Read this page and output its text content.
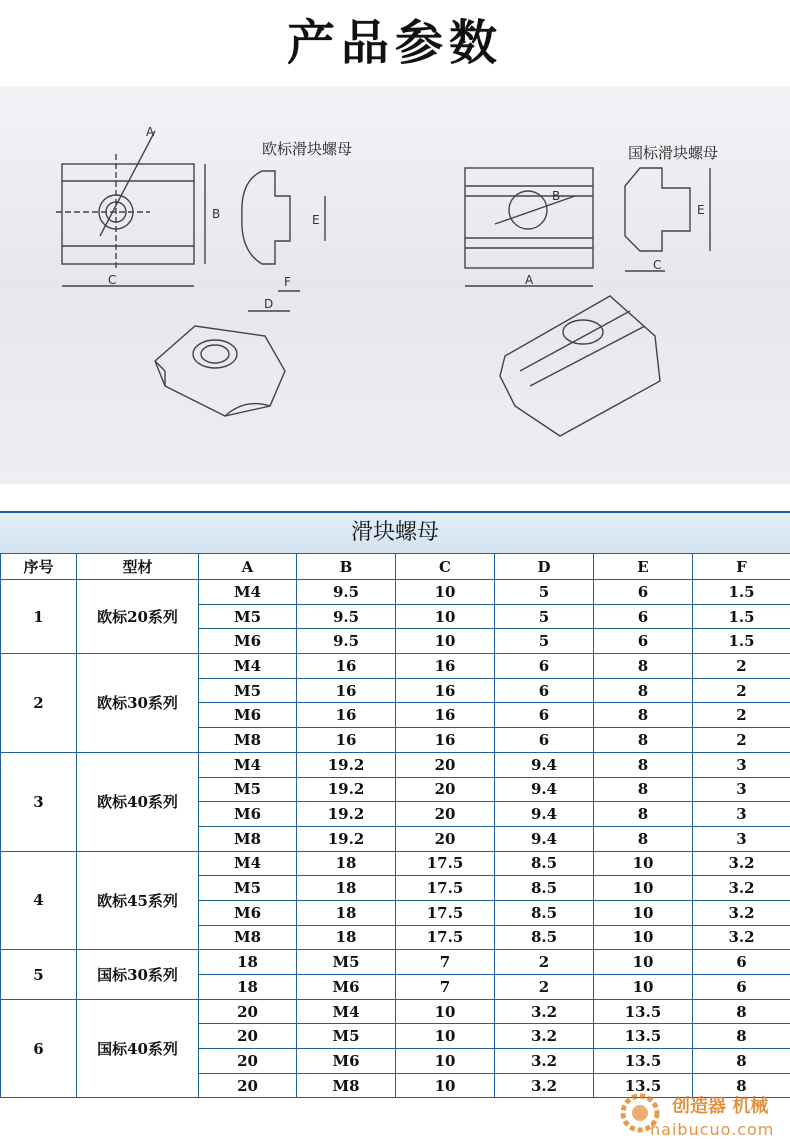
产品参数
C
B
A
E
D
F	A
B
C
E
欧标滑块螺母	国标滑块螺母
滑块螺母
序号	型材	A	B	C	D	E	F
1	欧标20系列	M4	9.5	10	5	6	1.5
		M5	9.5	10	5	6	1.5
		M6	9.5	10	5	6	1.5
2	欧标30系列	M4	16	16	6	8	2
		M5	16	16	6	8	2
		M6	16	16	6	8	2
		M8	16	16	6	8	2
3	欧标40系列	M4	19.2	20	9.4	8	3
		M5	19.2	20	9.4	8	3
		M6	19.2	20	9.4	8	3
		M8	19.2	20	9.4	8	3
4	欧标45系列	M4	18	17.5	8.5	10	3.2
		M5	18	17.5	8.5	10	3.2
		M6	18	17.5	8.5	10	3.2
		M8	18	17.5	8.5	10	3.2
5	国标30系列	18	M5	7	2	10	6
		18	M6	7	2	10	6
6	国标40系列	20	M4	10	3.2	13.5	8
		20	M5	10	3.2	13.5	8
		20	M6	10	3.2	13.5	8
		20	M8	10	3.2	13.5	8
创造器 机械
haibucuo.com
